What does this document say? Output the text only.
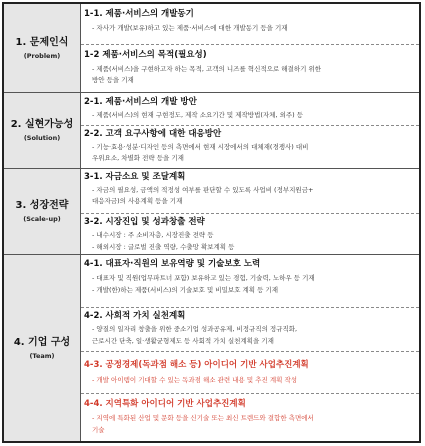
1. 문제인식
(Problem)
1-1. 제품·서비스의 개발동기
- 자사가 개발(보유)하고 있는 제품·서비스에 대한 개발동기 등을 기재
1-2 제품·서비스의 목적(필요성)
- 제품(서비스)을 구현하고자 하는 목적, 고객의 니즈를 혁신적으로 해결하기 위한
방안 등을 기재
2. 실현가능성
(Solution)
2-1. 제품·서비스의 개발 방안
- 제품(서비스)의 현재 구현정도, 제작 소요기간 및 제작방법(자체, 외주) 등
2-2. 고객 요구사항에 대한 대응방안
- 기능·효용·성분·디자인 등의 측면에서 현재 시장에서의 대체재(경쟁사) 대비
우위요소, 차별화 전략 등을 기재
3. 성장전략
(Scale-up)
3-1. 자금소요 및 조달계획
- 자금의 필요성, 금액의 적정성 여부를 판단할 수 있도록 사업비 (정부지원금+
대응자금)의 사용계획 등을 기재
3-2. 시장진입 및 성과창출 전략
- 내수시장 : 주 소비자층, 시장진출 전략 등
- 해외시장 : 글로벌 진출 역량, 수출망 확보계획 등
4. 기업 구성
(Team)
4-1. 대표자·직원의 보유역량 및 기술보호 노력
- 대표자 및 직원(업무파트너 포함) 보유하고 있는 경험, 기술력, 노하우 등 기재
- 개발(한)하는 제품(서비스)의 기술보호 및 비밀보호 계획 등 기재
4-2. 사회적 가치 실천계획
- 양질의 일자리 창출을 위한 중소기업 성과공유제, 비정규직의 정규직화,
근로시간 단축, 일·생활균형제도 등 사회적 가치 실천계획을 기재
4-3. 공정경제(독과점 해소 등) 아이디어 기반 사업추진계획
- 개발 아이템이 기대할 수 있는 독과점 해소 관련 내용 및 추진 계획 작성
4-4. 지역특화 아이디어 기반 사업추진계획
- 지역에 특화된 산업 및 문화 등을 신기술 또는 최신 트렌드와 결합한 측면에서
기술
